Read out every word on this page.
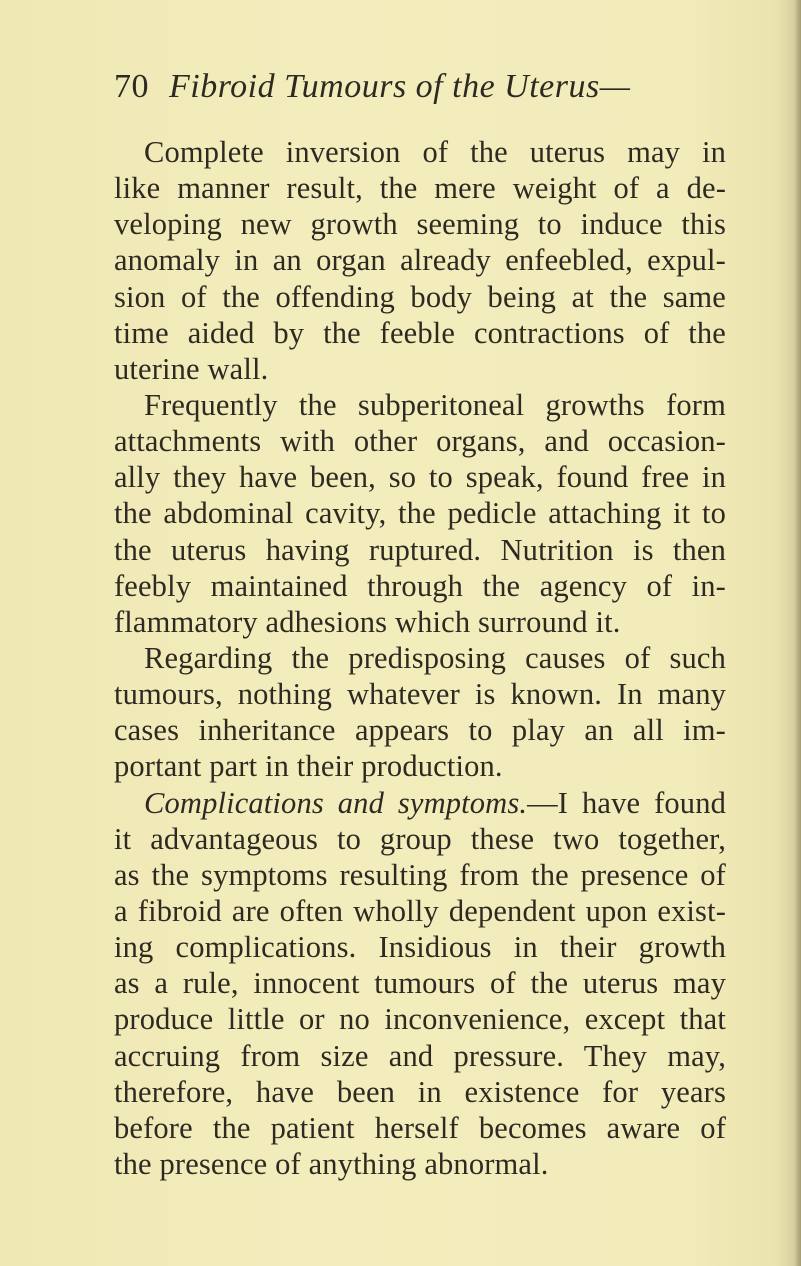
70 Fibroid Tumours of the Uterus—
Complete inversion of the uterus may in
like manner result, the mere weight of a de-
veloping new growth seeming to induce this
anomaly in an organ already enfeebled, expul-
sion of the offending body being at the same
time aided by the feeble contractions of the
uterine wall.
Frequently the subperitoneal growths form
attachments with other organs, and occasion-
ally they have been, so to speak, found free in
the abdominal cavity, the pedicle attaching it to
the uterus having ruptured. Nutrition is then
feebly maintained through the agency of in-
flammatory adhesions which surround it.
Regarding the predisposing causes of such
tumours, nothing whatever is known. In many
cases inheritance appears to play an all im-
portant part in their production.
Complications and symptoms.—I have found
it advantageous to group these two together,
as the symptoms resulting from the presence of
a fibroid are often wholly dependent upon exist-
ing complications. Insidious in their growth
as a rule, innocent tumours of the uterus may
produce little or no inconvenience, except that
accruing from size and pressure. They may,
therefore, have been in existence for years
before the patient herself becomes aware of
the presence of anything abnormal.
